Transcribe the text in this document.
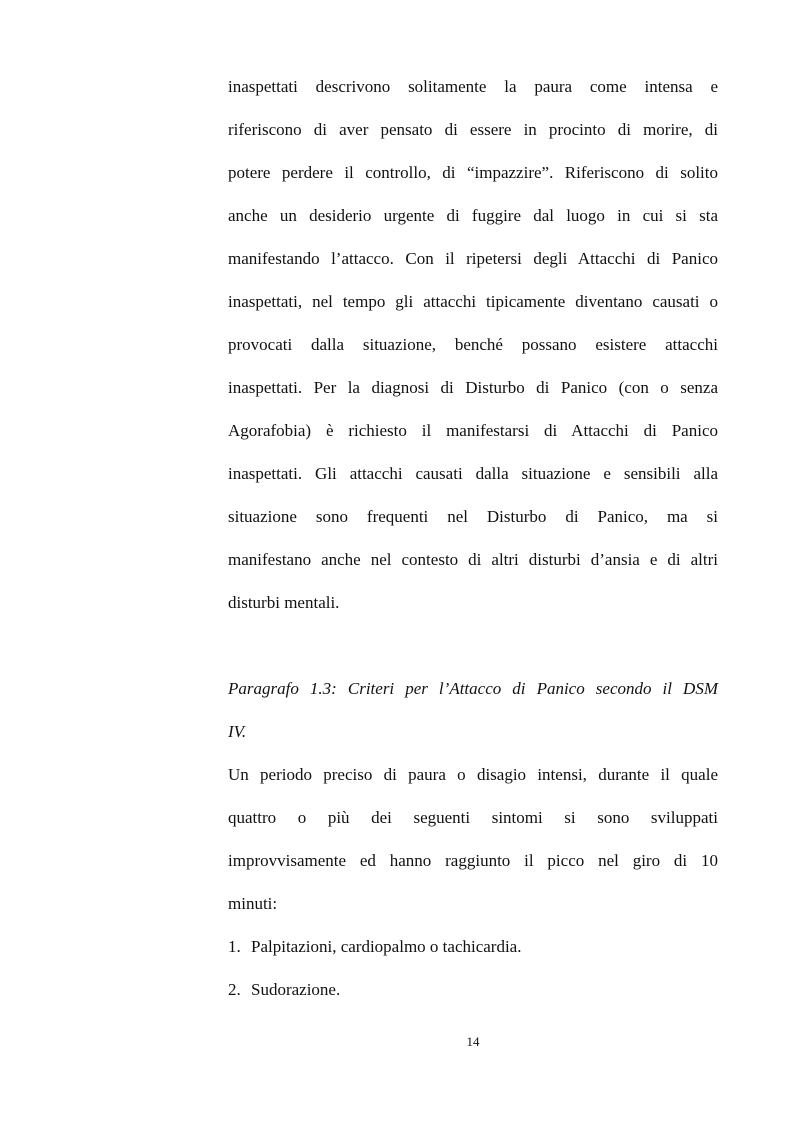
inaspettati descrivono solitamente la paura come intensa e
riferiscono di aver pensato di essere in procinto di morire, di
potere perdere il controllo, di “impazzire”. Riferiscono di solito
anche un desiderio urgente di fuggire dal luogo in cui si sta
manifestando l’attacco. Con il ripetersi degli Attacchi di Panico
inaspettati, nel tempo gli attacchi tipicamente diventano causati o
provocati dalla situazione, benché possano esistere attacchi
inaspettati. Per la diagnosi di Disturbo di Panico (con o senza
Agorafobia) è richiesto il manifestarsi di Attacchi di Panico
inaspettati. Gli attacchi causati dalla situazione e sensibili alla
situazione sono frequenti nel Disturbo di Panico, ma si
manifestano anche nel contesto di altri disturbi d’ansia e di altri
disturbi mentali.
Paragrafo 1.3: Criteri per l’Attacco di Panico secondo il DSM
IV.
Un periodo preciso di paura o disagio intensi, durante il quale
quattro o più dei seguenti sintomi si sono sviluppati
improvvisamente ed hanno raggiunto il picco nel giro di 10
minuti:
1. Palpitazioni, cardiopalmo o tachicardia.
2. Sudorazione.
14
